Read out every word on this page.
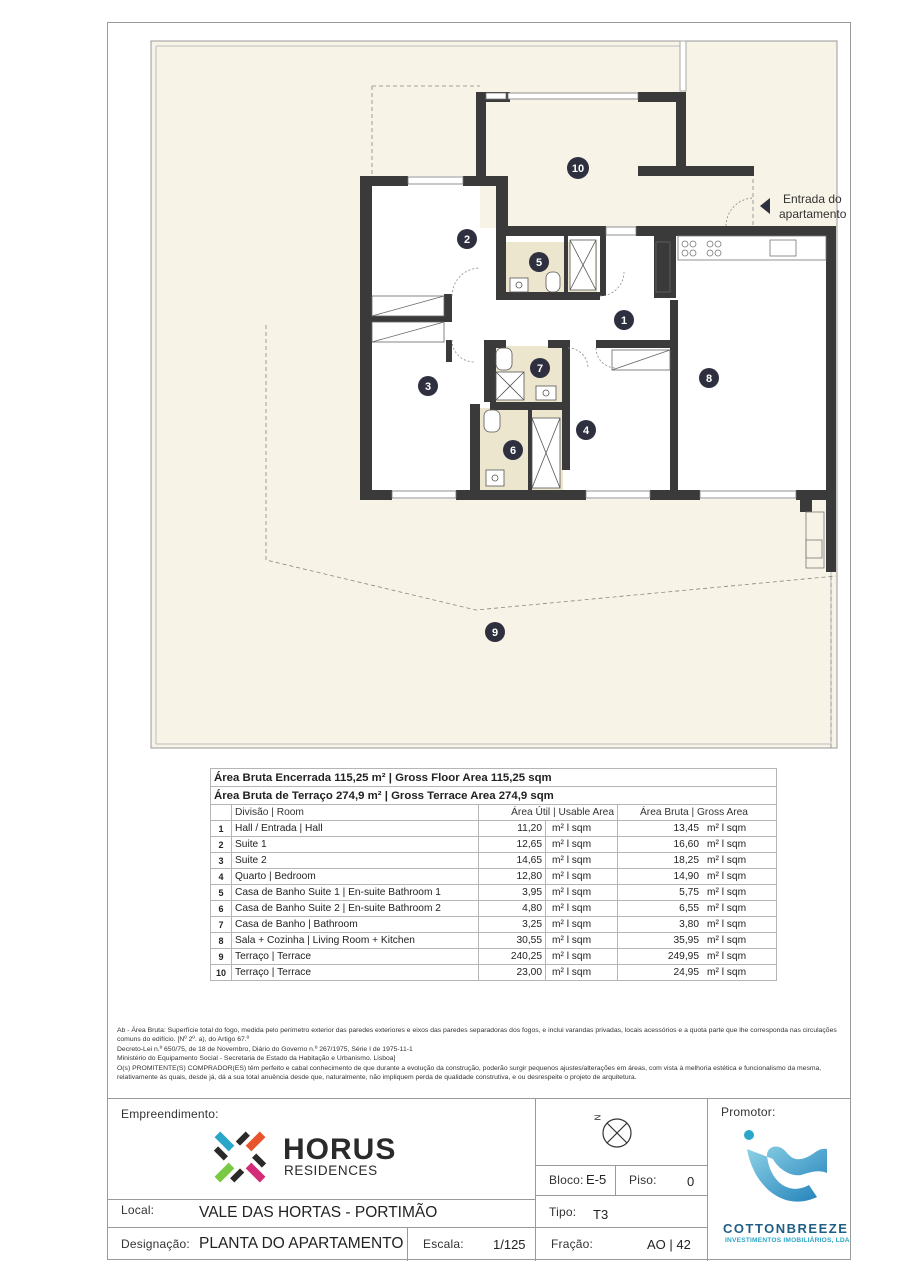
Entrada do
apartamento
1
2
3
4
5
6
7
8
9
10
Área Bruta Encerrada 115,25 m² | Gross Floor Area 115,25 sqm				
Área Bruta de Terraço 274,9 m² | Gross Terrace Area 274,9 sqm				
	Divisão | Room	Área Útil | Usable Area		Área Bruta | Gross Area
1	Hall / Entrada | Hall	11,20	m² l sqm	13,45 m² l sqm
2	Suite 1	12,65	m² l sqm	16,60 m² l sqm
3	Suite 2	14,65	m² l sqm	18,25 m² l sqm
4	Quarto | Bedroom	12,80	m² l sqm	14,90 m² l sqm
5	Casa de Banho Suite 1 | En-suite Bathroom 1	3,95	m² l sqm	5,75 m² l sqm
6	Casa de Banho Suite 2 | En-suite Bathroom 2	4,80	m² l sqm	6,55 m² l sqm
7	Casa de Banho | Bathroom	3,25	m² l sqm	3,80 m² l sqm
8	Sala + Cozinha | Living Room + Kitchen	30,55	m² l sqm	35,95 m² l sqm
9	Terraço | Terrace	240,25	m² l sqm	249,95 m² l sqm
10	Terraço | Terrace	23,00	m² l sqm	24,95 m² l sqm

Ab - Área Bruta: Superfície total do fogo, medida pelo perímetro exterior das paredes exteriores e eixos das paredes separadoras dos fogos, e inclui varandas privadas, locais acessórios e a quota parte que lhe corresponda nas circulações comuns do edifício. [Nº 2º. a), do Artigo 67.º

Decreto-Lei n.º 650/75, de 18 de Novembro, Diário do Governo n.º 267/1975, Série I de 1975-11-1

Ministério do Equipamento Social - Secretaria de Estado da Habitação e Urbanismo. Lisboa]

O(s) PROMITENTE(S) COMPRADOR(ES) têm perfeito e cabal conhecimento de que durante a evolução da construção, poderão surgir pequenos ajustes/alterações em áreas, com vista à melhoria estética e funcionalismo da mesma, relativamente às quais, desde já, dá a sua total anuência desde que, naturalmente, não impliquem perda de qualidade construtiva, e ou desrespeite o projeto de arquitetura.

Empreendimento:
HORUS
RESIDENCES
N
Bloco: E-5 Piso: 0
Tipo: T3
Local:	VALE DAS HORTAS - PORTIMÃO
Designação: PLANTA DO APARTAMENTO Escala: 1/125 Fração:	AO | 42
Promotor:
COTTONBREEZE
INVESTIMENTOS IMOBILIÁRIOS, LDA
